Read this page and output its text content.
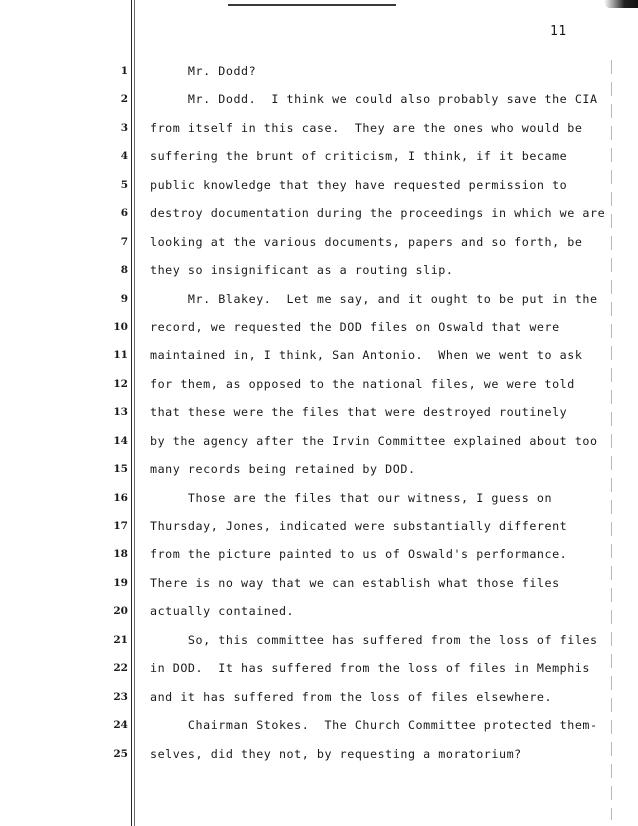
11
1
2
3
4
5
6
7
8
9
10
11
12
13
14
15
16
17
18
19
20
21
22
23
24
25
Mr. Dodd?
Mr. Dodd.  I think we could also probably save the CIA
from itself in this case.  They are the ones who would be
suffering the brunt of criticism, I think, if it became
public knowledge that they have requested permission to
destroy documentation during the proceedings in which we are
looking at the various documents, papers and so forth, be
they so insignificant as a routing slip.
Mr. Blakey.  Let me say, and it ought to be put in the
record, we requested the DOD files on Oswald that were
maintained in, I think, San Antonio.  When we went to ask
for them, as opposed to the national files, we were told
that these were the files that were destroyed routinely
by the agency after the Irvin Committee explained about too
many records being retained by DOD.
Those are the files that our witness, I guess on
Thursday, Jones, indicated were substantially different
from the picture painted to us of Oswald's performance.
There is no way that we can establish what those files
actually contained.
So, this committee has suffered from the loss of files
in DOD.  It has suffered from the loss of files in Memphis
and it has suffered from the loss of files elsewhere.
Chairman Stokes.  The Church Committee protected them-
selves, did they not, by requesting a moratorium?
